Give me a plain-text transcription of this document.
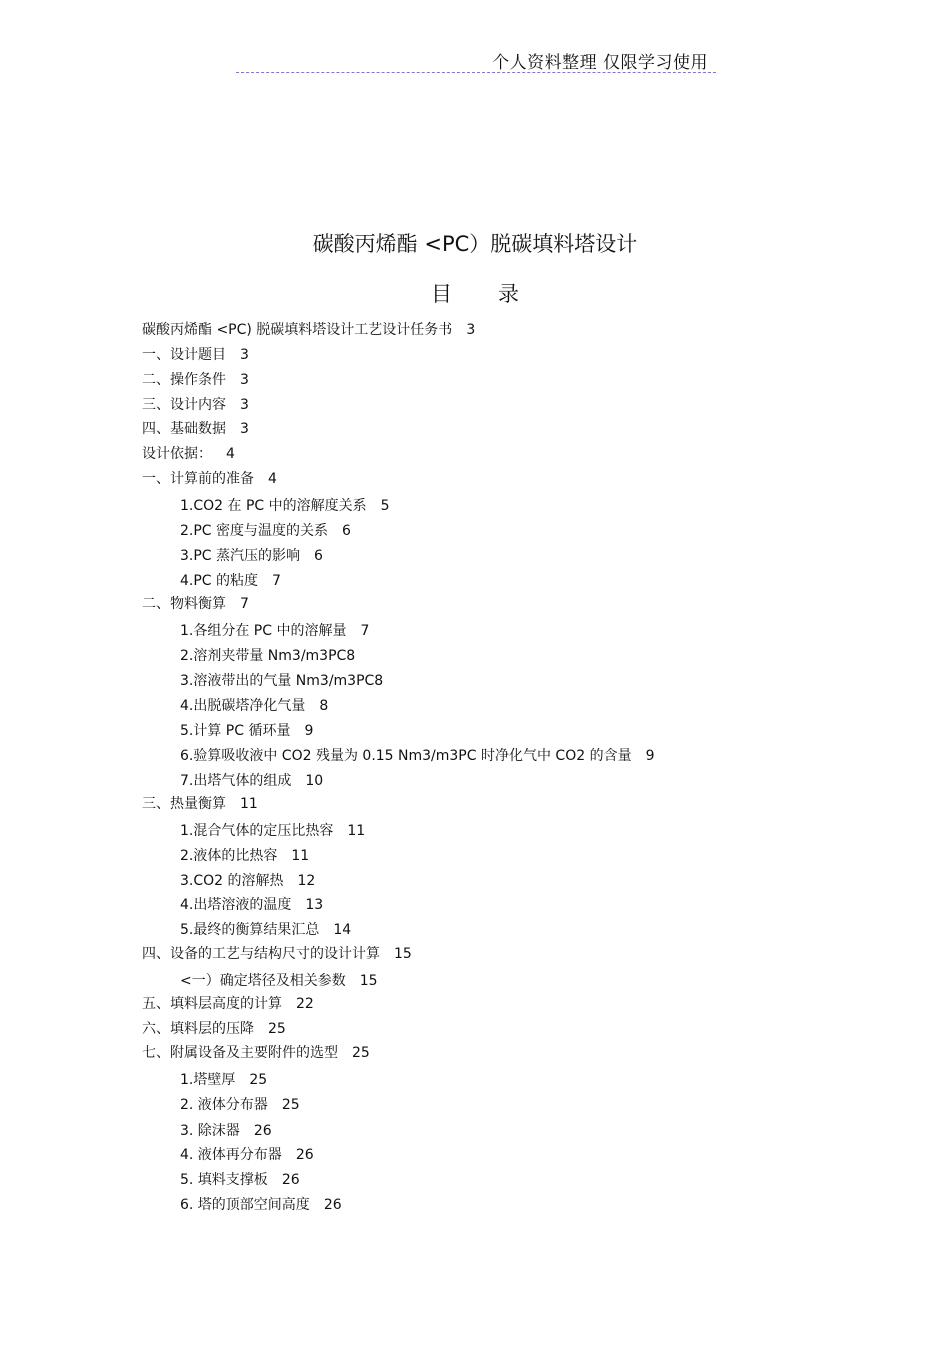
个人资料整理 仅限学习使用
碳酸丙烯酯 <PC）脱碳填料塔设计
目录
碳酸丙烯酯 <PC) 脱碳填料塔设计工艺设计任务书 3
一、设计题目 3
二、操作条件 3
三、设计内容 3
四、基础数据 3
设计依据： 4
一、计算前的准备 4
1.CO2 在 PC 中的溶解度关系 5
2.PC 密度与温度的关系 6
3.PC 蒸汽压的影响 6
4.PC 的粘度 7
二、物料衡算 7
1.各组分在 PC 中的溶解量 7
2.溶剂夹带量 Nm3/m3PC8
3.溶液带出的气量 Nm3/m3PC8
4.出脱碳塔净化气量 8
5.计算 PC 循环量 9
6.验算吸收液中 CO2 残量为 0.15 Nm3/m3PC 时净化气中 CO2 的含量 9
7.出塔气体的组成 10
三、热量衡算 11
1.混合气体的定压比热容 11
2.液体的比热容 11
3.CO2 的溶解热 12
4.出塔溶液的温度 13
5.最终的衡算结果汇总 14
四、设备的工艺与结构尺寸的设计计算 15
<一）确定塔径及相关参数 15
五、填料层高度的计算 22
六、填料层的压降 25
七、附属设备及主要附件的选型 25
1.塔壁厚 25
2. 液体分布器 25
3. 除沫器 26
4. 液体再分布器 26
5. 填料支撑板 26
6. 塔的顶部空间高度 26
